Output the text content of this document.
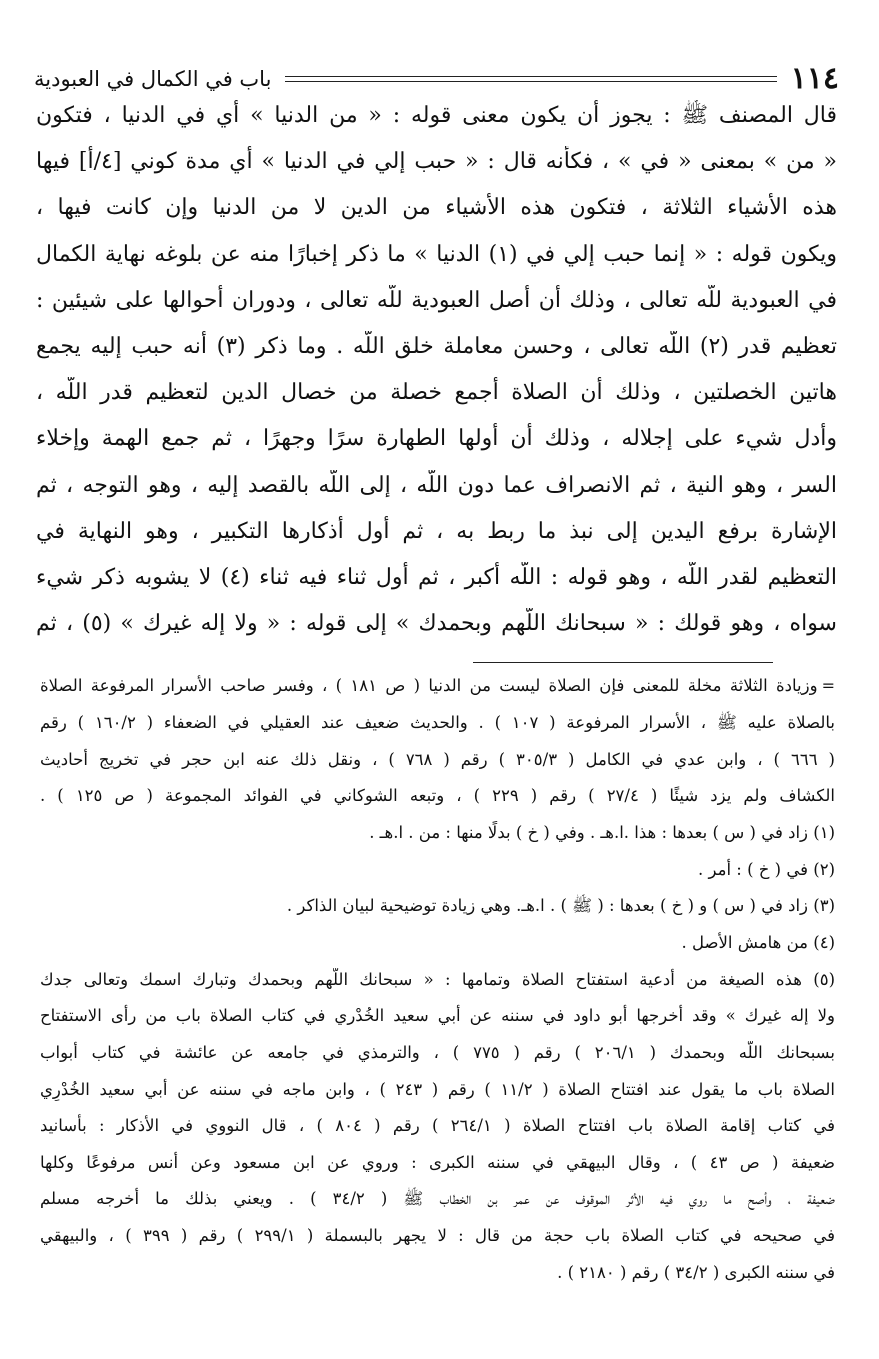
١١٤
باب في الكمال في العبودية
قال المصنف ﷺ : يجوز أن يكون معنى قوله : « من الدنيا » أي في الدنيا ، فتكون
« من » بمعنى « في » ، فكأنه قال : « حبب إلي في الدنيا » أي مدة كوني [٤/أ] فيها
هذه الأشياء الثلاثة ، فتكون هذه الأشياء من الدين لا من الدنيا وإن كانت فيها ،
ويكون قوله : « إنما حبب إلي في (١) الدنيا » ما ذكر إخبارًا منه عن بلوغه نهاية الكمال
في العبودية للّه تعالى ، وذلك أن أصل العبودية للّه تعالى ، ودوران أحوالها على شيئين :
تعظيم قدر (٢) اللّه تعالى ، وحسن معاملة خلق اللّه . وما ذكر (٣) أنه حبب إليه يجمع
هاتين الخصلتين ، وذلك أن الصلاة أجمع خصلة من خصال الدين لتعظيم قدر اللّه ،
وأدل شيء على إجلاله ، وذلك أن أولها الطهارة سرًا وجهرًا ، ثم جمع الهمة وإخلاء
السر ، وهو النية ، ثم الانصراف عما دون اللّه ، إلى اللّه بالقصد إليه ، وهو التوجه ، ثم
الإشارة برفع اليدين إلى نبذ ما ربط به ، ثم أول أذكارها التكبير ، وهو النهاية في
التعظيم لقدر اللّه ، وهو قوله : اللّه أكبر ، ثم أول ثناء فيه ثناء (٤) لا يشوبه ذكر شيء
سواه ، وهو قولك : « سبحانك اللّهم وبحمدك » إلى قوله : « ولا إله غيرك » (٥) ، ثم
=وزيادة الثلاثة مخلة للمعنى فإن الصلاة ليست من الدنيا ( ص ١٨١ ) ، وفسر صاحب الأسرار المرفوعة الصلاة
بالصلاة عليه ﷺ ، الأسرار المرفوعة ( ١٠٧ ) . والحديث ضعيف عند العقيلي في الضعفاء ( ١٦٠/٢ ) رقم
( ٦٦٦ ) ، وابن عدي في الكامل ( ٣٠٥/٣ ) رقم ( ٧٦٨ ) ، ونقل ذلك عنه ابن حجر في تخريج أحاديث
الكشاف ولم يزد شيئًا ( ٢٧/٤ ) رقم ( ٢٢٩ ) ، وتبعه الشوكاني في الفوائد المجموعة ( ص ١٢٥ ) .
(١) زاد في ( س ) بعدها : هذا .ا.هـ . وفي ( خ ) بدلًا منها : من . ا.هـ .
(٢) في ( خ ) : أمر .
(٣) زاد في ( س ) و ( خ ) بعدها : ( ﷺ ) . ا.هـ. وهي زيادة توضيحية لبيان الذاكر .
(٤) من هامش الأصل .
(٥) هذه الصيغة من أدعية استفتاح الصلاة وتمامها : « سبحانك اللّهم وبحمدك وتبارك اسمك وتعالى جدك
ولا إله غيرك » وقد أخرجها أبو داود في سننه عن أبي سعيد الخُدْري في كتاب الصلاة باب من رأى الاستفتاح
بسبحانك اللّه وبحمدك ( ٢٠٦/١ ) رقم ( ٧٧٥ ) ، والترمذي في جامعه عن عائشة في كتاب أبواب
الصلاة باب ما يقول عند افتتاح الصلاة ( ١١/٢ ) رقم ( ٢٤٣ ) ، وابن ماجه في سننه عن أبي سعيد الخُدْرِي
في كتاب إقامة الصلاة باب افتتاح الصلاة ( ٢٦٤/١ ) رقم ( ٨٠٤ ) ، قال النووي في الأذكار : بأسانيد
ضعيفة ( ص ٤٣ ) ، وقال البيهقي في سننه الكبرى : وروي عن ابن مسعود وعن أنس مرفوعًا وكلها
ضعيفة ، وأصح ما روي فيه الأثر الموقوف عن عمر بن الخطاب ﷺ ( ٣٤/٢ ) . ويعني بذلك ما أخرجه مسلم
في صحيحه في كتاب الصلاة باب حجة من قال : لا يجهر بالبسملة ( ٢٩٩/١ ) رقم ( ٣٩٩ ) ، والبيهقي
في سننه الكبرى ( ٣٤/٢ ) رقم ( ٢١٨٠ ) .
